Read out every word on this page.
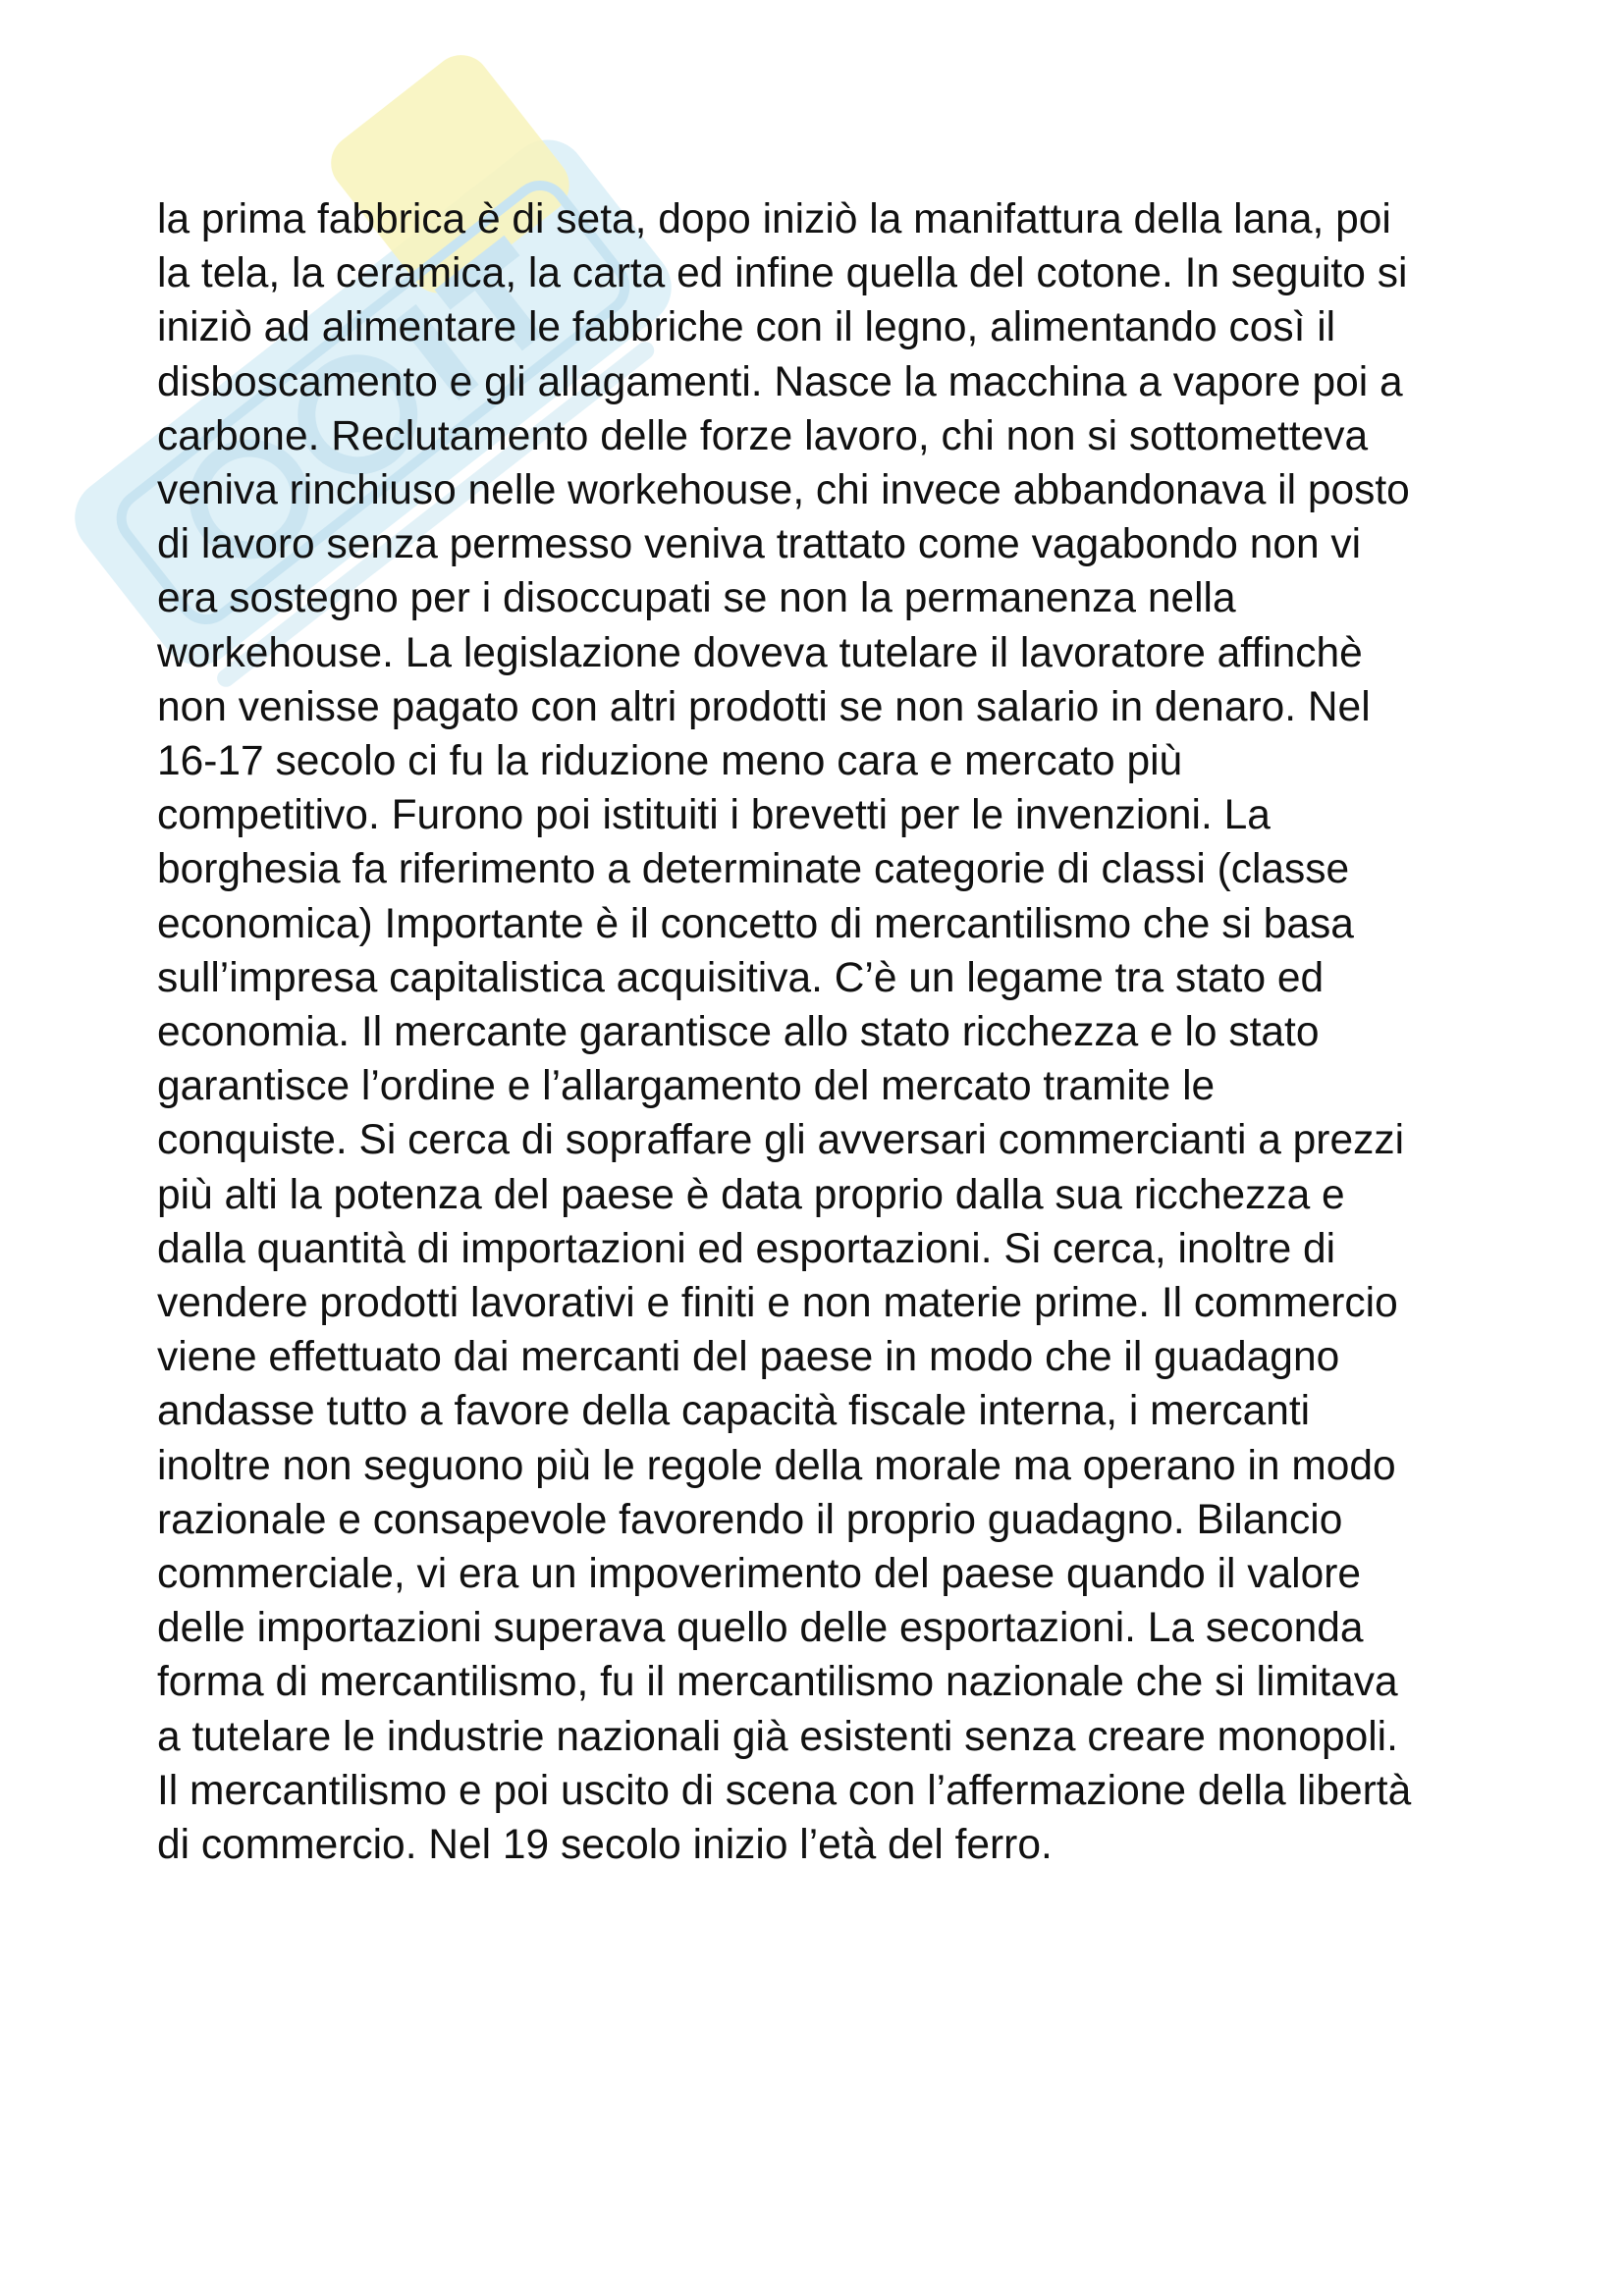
la prima fabbrica è di seta, dopo iniziò la manifattura della lana, poi
la tela, la ceramica, la carta ed infine quella del cotone. In seguito si
iniziò ad alimentare le fabbriche con il legno, alimentando così il
disboscamento e gli allagamenti. Nasce la macchina a vapore poi a
carbone. Reclutamento delle forze lavoro, chi non si sottometteva
veniva rinchiuso nelle workehouse, chi invece abbandonava il posto
di lavoro senza permesso veniva trattato come vagabondo non vi
era sostegno per i disoccupati se non la permanenza nella
workehouse. La legislazione doveva tutelare il lavoratore affinchè
non venisse pagato con altri prodotti se non salario in denaro. Nel
16-17 secolo ci fu la riduzione meno cara e mercato più
competitivo. Furono poi istituiti i brevetti per le invenzioni. La
borghesia fa riferimento a determinate categorie di classi (classe
economica) Importante è il concetto di mercantilismo che si basa
sull’impresa capitalistica acquisitiva. C’è un legame tra stato ed
economia. Il mercante garantisce allo stato ricchezza e lo stato
garantisce l’ordine e l’allargamento del mercato tramite le
conquiste. Si cerca di sopraffare gli avversari commercianti a prezzi
più alti la potenza del paese è data proprio dalla sua ricchezza e
dalla quantità di importazioni ed esportazioni. Si cerca, inoltre di
vendere prodotti lavorativi e finiti e non materie prime. Il commercio
viene effettuato dai mercanti del paese in modo che il guadagno
andasse tutto a favore della capacità fiscale interna, i mercanti
inoltre non seguono più le regole della morale ma operano in modo
razionale e consapevole favorendo il proprio guadagno. Bilancio
commerciale, vi era un impoverimento del paese quando il valore
delle importazioni superava quello delle esportazioni. La seconda
forma di mercantilismo, fu il mercantilismo nazionale che si limitava
a tutelare le industrie nazionali già esistenti senza creare monopoli.
Il mercantilismo e poi uscito di scena con l’affermazione della libertà
di commercio. Nel 19 secolo inizio l’età del ferro.
